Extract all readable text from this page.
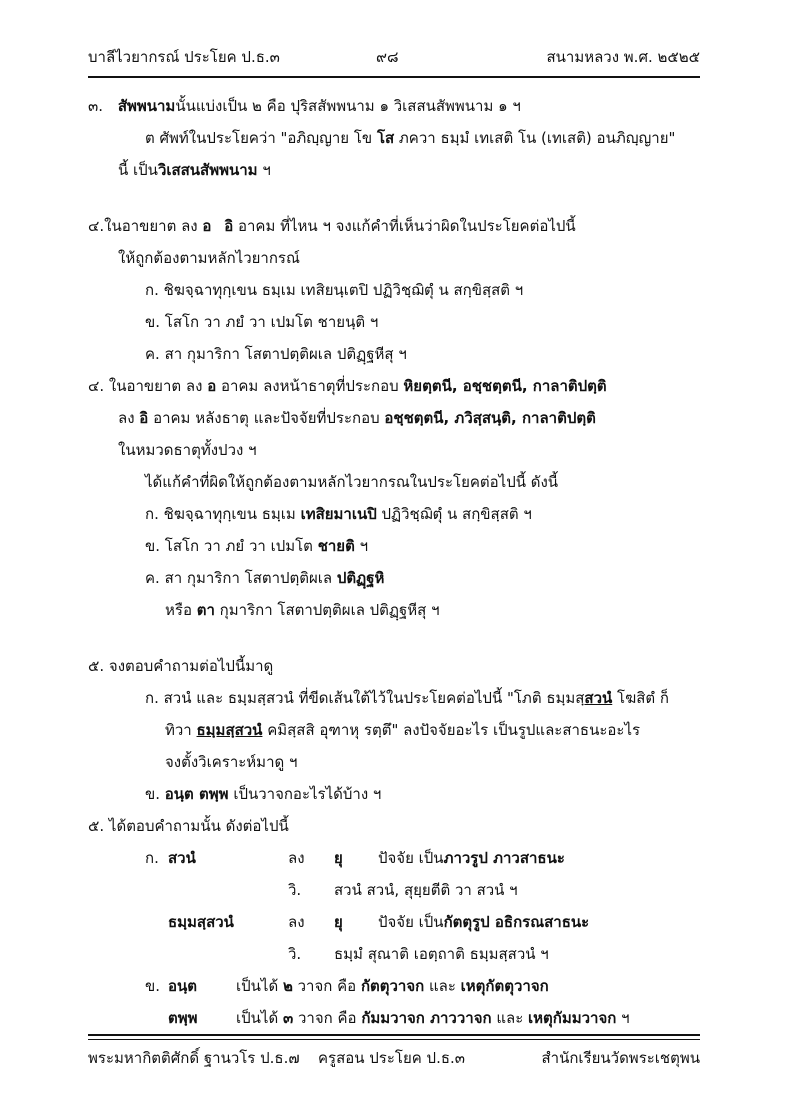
บาลีไวยากรณ์ ประโยค ป.ธ.๓	๙๘	สนามหลวง พ.ศ. ๒๕๒๕
๓. สัพพนามนั้นแบ่งเป็น ๒ คือ ปุริสสัพพนาม ๑ วิเสสนสัพพนาม ๑ ฯ
ต ศัพท์ในประโยคว่า "อภิญฺญาย โข โส ภควา ธมฺมํ เทเสติ โน (เทเสติ) อนภิญฺญาย"
นี้ เป็นวิเสสนสัพพนาม ฯ
๔.ในอาขยาต ลง อ อิ อาคม ที่ไหน ฯ จงแก้คำที่เห็นว่าผิดในประโยคต่อไปนี้
ให้ถูกต้องตามหลักไวยากรณ์
ก. ชิฆจฺฉาทุกฺเขน ธมฺเม เทสิยนฺเตปิ ปฏิวิชฺฌิตุํ น สกฺขิสฺสติ ฯ
ข. โสโก วา ภยํ วา เปมโต ชายนฺติ ฯ
ค. สา กุมาริกา โสตาปตฺติผเล ปติฏฺฐหีสุ ฯ
๔. ในอาขยาต ลง อ อาคม ลงหน้าธาตุที่ประกอบ หิยตฺตนี, อชฺชตฺตนี, กาลาติปตฺติ
ลง อิ อาคม หลังธาตุ และปัจจัยที่ประกอบ อชฺชตฺตนี, ภวิสฺสนฺติ, กาลาติปตฺติ
ในหมวดธาตุทั้งปวง ฯ
ได้แก้คำที่ผิดให้ถูกต้องตามหลักไวยากรณในประโยคต่อไปนี้ ดังนี้
ก. ชิฆจฺฉาทุกฺเขน ธมฺเม เทสิยมาเนปิ ปฏิวิชฺฌิตุํ น สกฺขิสฺสติ ฯ
ข. โสโก วา ภยํ วา เปมโต ชายติ ฯ
ค. สา กุมาริกา โสตาปตฺติผเล ปติฏฺฐหิ
หรือ ตา กุมาริกา โสตาปตฺติผเล ปติฏฺฐหีสุ ฯ
๕. จงตอบคำถามต่อไปนี้มาดู
ก. สวนํ และ ธมฺมสฺสวนํ ที่ขีดเส้นใต้ไว้ในประโยคต่อไปนี้ "โภติ ธมฺมสฺสวนํ โฆสิตํ ก็
ทิวา ธมฺมสฺสวนํ คมิสฺสสิ อุฑาหุ รตฺตึ" ลงปัจจัยอะไร เป็นรูปและสาธนะอะไร
จงตั้งวิเคราะห์มาดู ฯ
ข. อนฺต ตพฺพ เป็นวาจกอะไรได้บ้าง ฯ
๕. ได้ตอบคำถามนั้น ดังต่อไปนี้
ก. สวนํ	ลง ยุ ปัจจัย เป็นภาวรูป ภาวสาธนะ
วิ. สวนํ สวนํ, สุยฺยตีติ วา สวนํ ฯ
ธมฺมสฺสวนํ	ลง ยุ ปัจจัย เป็นกัตตุรูป อธิกรณสาธนะ
วิ. ธมฺมํ สุณาติ เอตฺถาติ ธมฺมสฺสวนํ ฯ
ข. อนฺต	เป็นได้ ๒ วาจก คือ กัตตุวาจก และ เหตุกัตตุวาจก
ตพฺพ	เป็นได้ ๓ วาจก คือ กัมมวาจก ภาววาจก และ เหตุกัมมวาจก ฯ
พระมหากิตติศักดิ์ ฐานวโร ป.ธ.๗ ครูสอน ประโยค ป.ธ.๓	สำนักเรียนวัดพระเชตุพน
